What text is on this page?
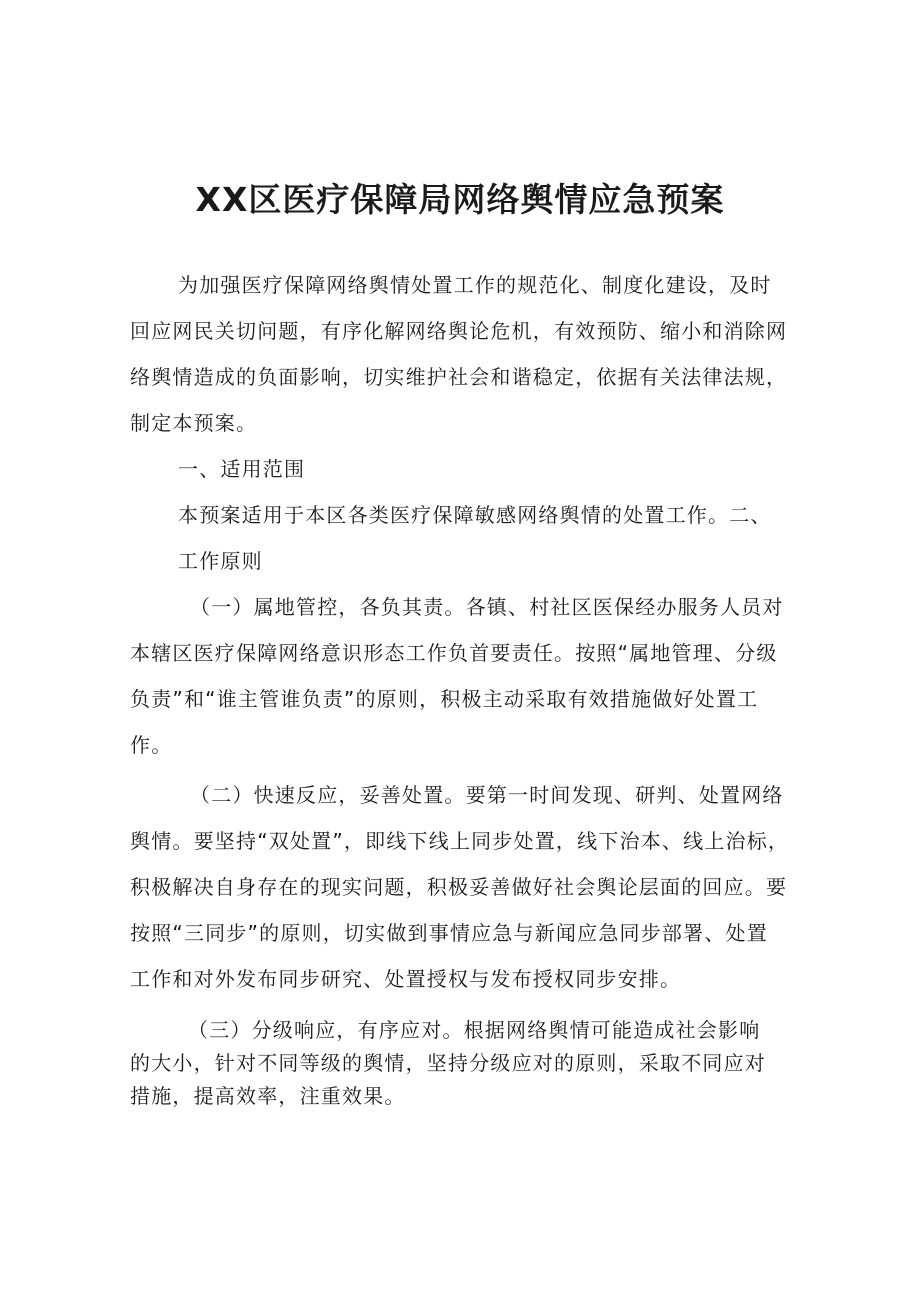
XX区医疗保障局网络舆情应急预案
为加强医疗保障网络舆情处置工作的规范化、制度化建设，及时
回应网民关切问题，有序化解网络舆论危机，有效预防、缩小和消除网
络舆情造成的负面影响，切实维护社会和谐稳定，依据有关法律法规，
制定本预案。
一、适用范围
本预案适用于本区各类医疗保障敏感网络舆情的处置工作。二、
工作原则
（一）属地管控，各负其责。各镇、村社区医保经办服务人员对
本辖区医疗保障网络意识形态工作负首要责任。按照“属地管理、分级
负责”和“谁主管谁负责”的原则，积极主动采取有效措施做好处置工
作。
（二）快速反应，妥善处置。要第一时间发现、研判、处置网络
舆情。要坚持“双处置”，即线下线上同步处置，线下治本、线上治标，
积极解决自身存在的现实问题，积极妥善做好社会舆论层面的回应。要
按照“三同步”的原则，切实做到事情应急与新闻应急同步部署、处置
工作和对外发布同步研究、处置授权与发布授权同步安排。
（三）分级响应，有序应对。根据网络舆情可能造成社会影响
的大小，针对不同等级的舆情，坚持分级应对的原则，采取不同应对
措施，提高效率，注重效果。
